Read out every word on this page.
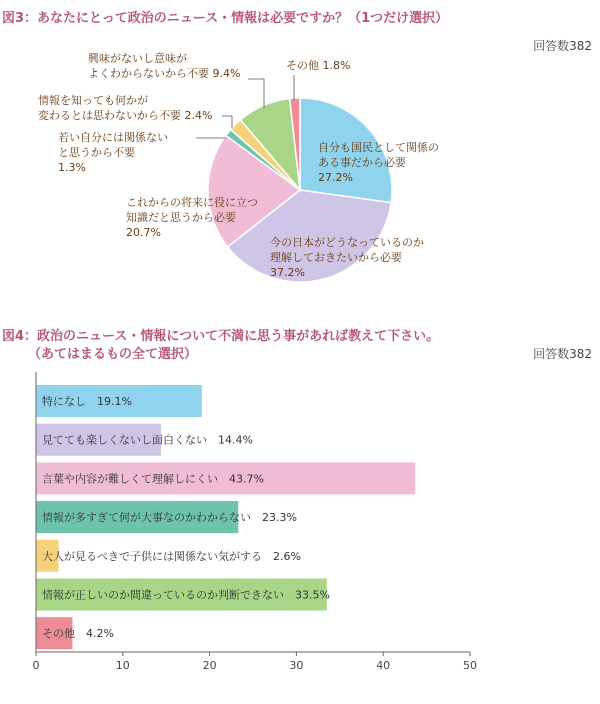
図3：あなたにとって政治のニュース・情報は必要ですか？（1つだけ選択）
回答数382
自分も国民として関係のある事だから必要 27.2%
今の日本がどうなっているのか理解しておきたいから必要 37.2%
これからの将来に役に立つ知識だと思うから必要 20.7%
若い自分には関係ないと思うから不要 1.3%
情報を知っても何かが変わるとは思わないから不要 2.4%
興味がないし意味がよくわからないから不要 9.4%
その他 1.8%
図4：政治のニュース・情報について不満に思う事があれば教えて下さい。
（あてはまるもの全て選択）	回答数382
0	10	20	30	40	50
特になし　19.1%
見てても楽しくないし面白くない　14.4%
言葉や内容が難しくて理解しにくい　43.7%
情報が多すぎて何が大事なのかわからない　23.3%
大人が見るべきで子供には関係ない気がする　2.6%
情報が正しいのか間違っているのか判断できない　33.5%
その他　4.2%
